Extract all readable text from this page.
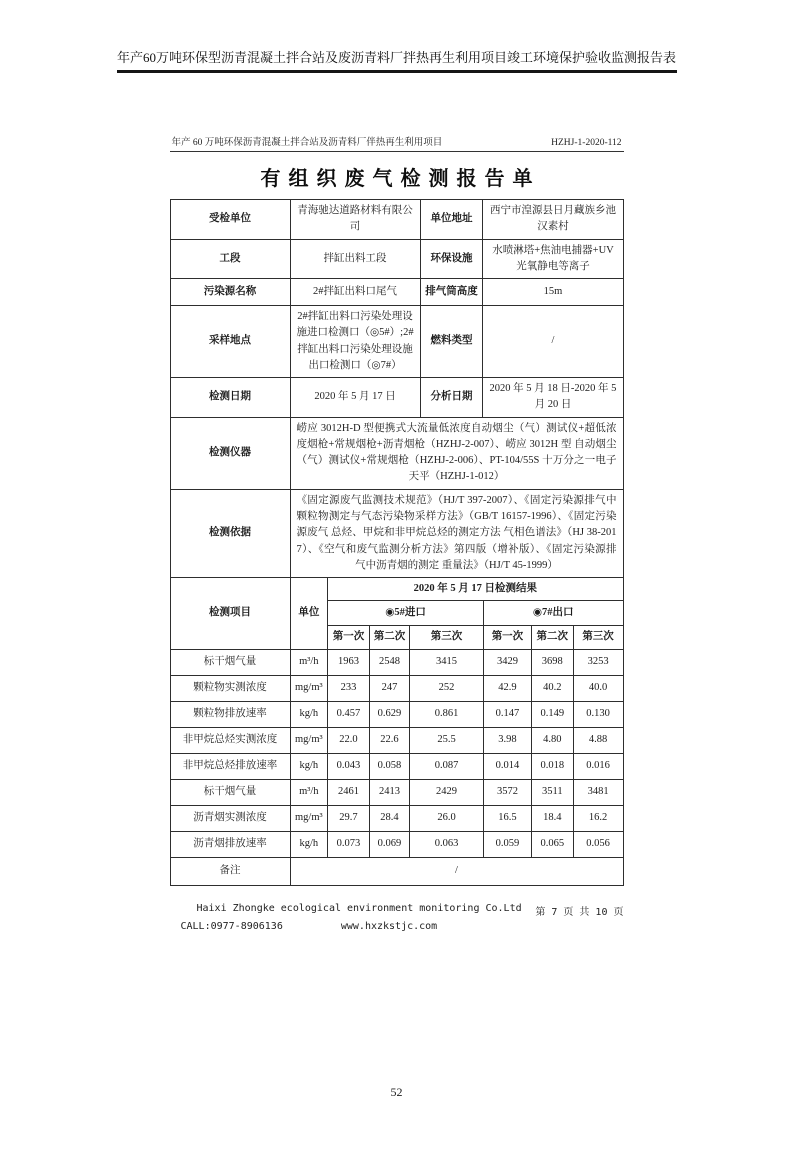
年产60万吨环保型沥青混凝土拌合站及废沥青料厂拌热再生利用项目竣工环境保护验收监测报告表
年产 60 万吨环保沥青混凝土拌合站及沥青料厂伴热再生利用项目	HZHJ-1-2020-112
有组织废气检测报告单
受检单位	青海驰达道路材料有限公司	单位地址	西宁市湟源县日月藏族乡池汉素村
工段	拌缸出料工段	环保设施	水喷淋塔+焦油电捕器+UV 光氧静电等离子
污染源名称	2#拌缸出料口尾气	排气筒高度	15m
采样地点	2#拌缸出料口污染处理设施进口检测口（◎5#）;2#拌缸出料口污染处理设施出口检测口（◎7#）	燃料类型	/
检测日期	2020 年 5 月 17 日	分析日期	2020 年 5 月 18 日-2020 年 5 月 20 日
检测仪器	崂应 3012H-D 型便携式大流量低浓度自动烟尘（气）测试仪+超低浓度烟枪+常规烟枪+沥青烟枪（HZHJ-2-007）、崂应 3012H 型 自动烟尘（气）测试仪+常规烟枪（HZHJ-2-006）、PT-104/55S 十万分之一电子天平（HZHJ-1-012）		
检测依据	《固定源废气监测技术规范》（HJ/T 397-2007）、《固定污染源排气中颗粒物测定与气态污染物采样方法》（GB/T 16157-1996）、《固定污染源废气 总烃、甲烷和非甲烷总烃的测定方法 气相色谱法》（HJ 38-2017）、《空气和废气监测分析方法》第四版（增补版）、《固定污染源排气中沥青烟的测定 重量法》（HJ/T 45-1999）		
检测项目	单位	2020 年 5 月 17 日检测结果					
		◉5#进口			◉7#出口		
		第一次	第二次	第三次	第一次	第二次	第三次
标干烟气量	m³/h	1963	2548	3415	3429	3698	3253
颗粒物实测浓度	mg/m³	233	247	252	42.9	40.2	40.0
颗粒物排放速率	kg/h	0.457	0.629	0.861	0.147	0.149	0.130
非甲烷总烃实测浓度	mg/m³	22.0	22.6	25.5	3.98	4.80	4.88
非甲烷总烃排放速率	kg/h	0.043	0.058	0.087	0.014	0.018	0.016
标干烟气量	m³/h	2461	2413	2429	3572	3511	3481
沥青烟实测浓度	mg/m³	29.7	28.4	26.0	16.5	18.4	16.2
沥青烟排放速率	kg/h	0.073	0.069	0.063	0.059	0.065	0.056
备注	/						
Haixi Zhongke ecological environment monitoring Co.Ltd 第 7 页 共 10 页
CALL:0977-8906136	www.hxzkstjc.com
52
